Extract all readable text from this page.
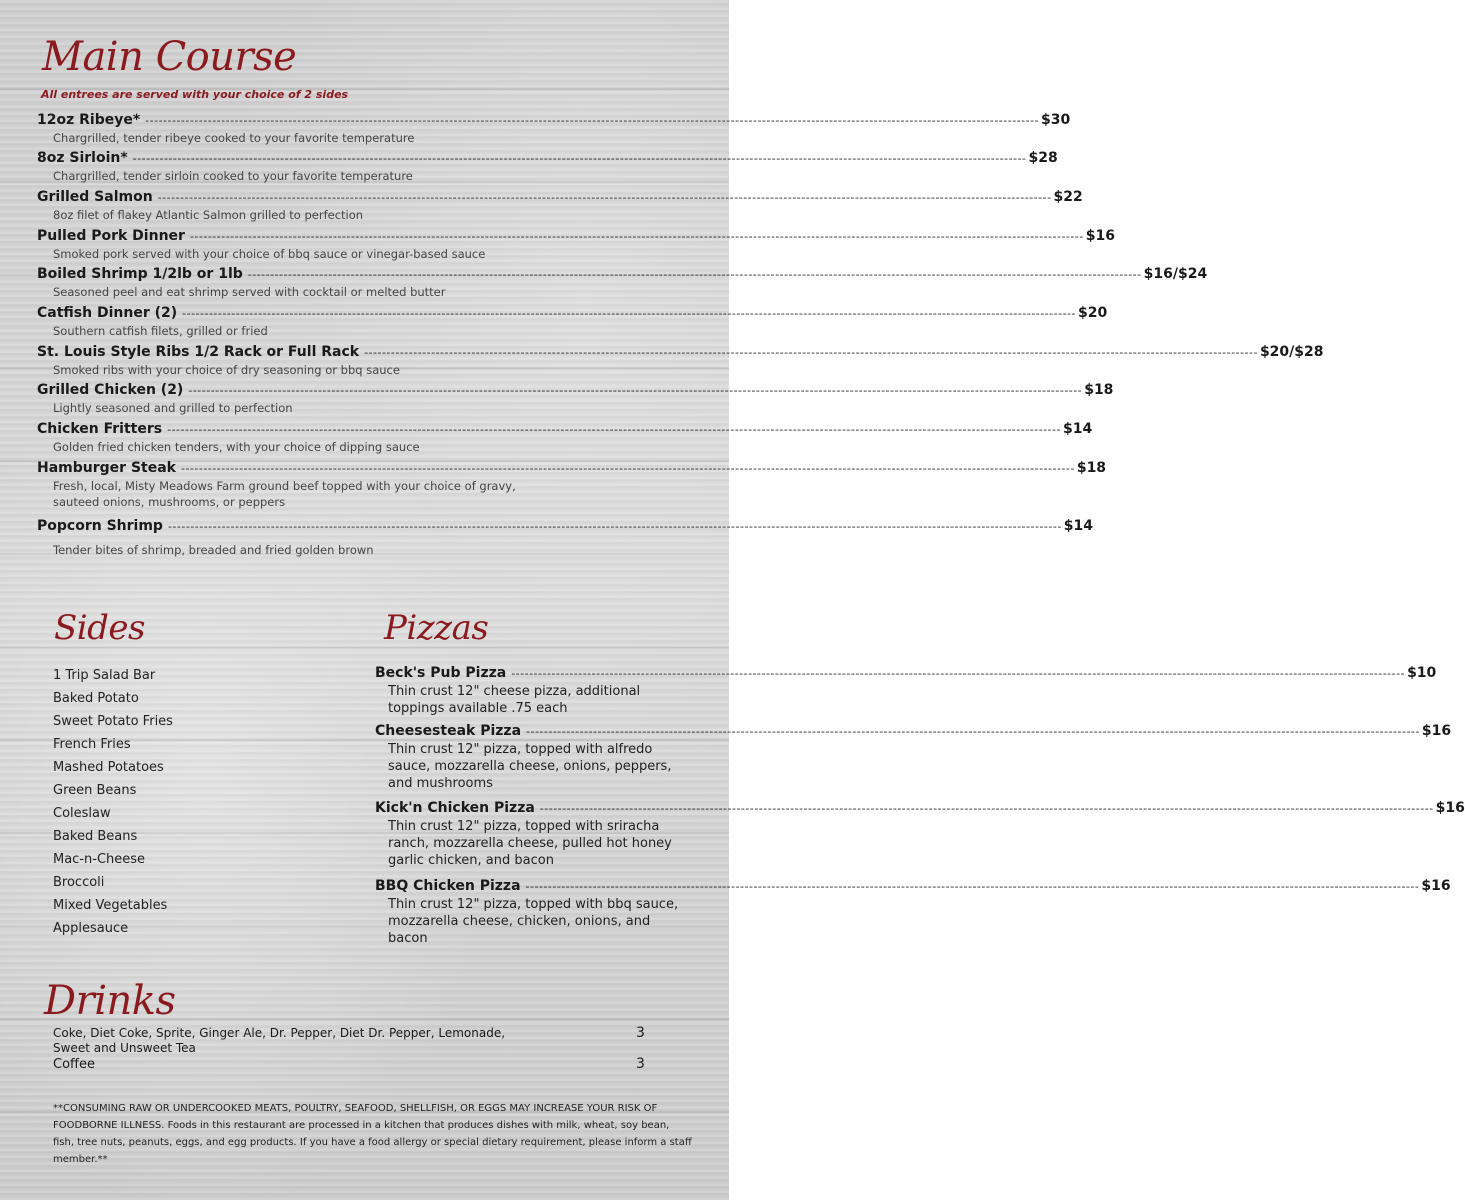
Main Course
All entrees are served with your choice of 2 sides
12oz Ribeye* -------------------------------------------------------------------------------------------------------------------------------------------------------------------------------------------------------- $30
Chargrilled, tender ribeye cooked to your favorite temperature
8oz Sirloin* -------------------------------------------------------------------------------------------------------------------------------------------------------------------------------------------------------- $28
Chargrilled, tender sirloin cooked to your favorite temperature
Grilled Salmon -------------------------------------------------------------------------------------------------------------------------------------------------------------------------------------------------------- $22
8oz filet of flakey Atlantic Salmon grilled to perfection
Pulled Pork Dinner -------------------------------------------------------------------------------------------------------------------------------------------------------------------------------------------------------- $16
Smoked pork served with your choice of bbq sauce or vinegar-based sauce
Boiled Shrimp 1/2lb or 1lb -------------------------------------------------------------------------------------------------------------------------------------------------------------------------------------------------------- $16/$24
Seasoned peel and eat shrimp served with cocktail or melted butter
Catfish Dinner (2) -------------------------------------------------------------------------------------------------------------------------------------------------------------------------------------------------------- $20
Southern catfish filets, grilled or fried
St. Louis Style Ribs 1/2 Rack or Full Rack -------------------------------------------------------------------------------------------------------------------------------------------------------------------------------------------------------- $20/$28
Smoked ribs with your choice of dry seasoning or bbq sauce
Grilled Chicken (2) -------------------------------------------------------------------------------------------------------------------------------------------------------------------------------------------------------- $18
Lightly seasoned and grilled to perfection
Chicken Fritters -------------------------------------------------------------------------------------------------------------------------------------------------------------------------------------------------------- $14
Golden fried chicken tenders, with your choice of dipping sauce
Hamburger Steak -------------------------------------------------------------------------------------------------------------------------------------------------------------------------------------------------------- $18
Fresh, local, Misty Meadows Farm ground beef topped with your choice of gravy, sauteed onions, mushrooms, or peppers
Popcorn Shrimp -------------------------------------------------------------------------------------------------------------------------------------------------------------------------------------------------------- $14
Tender bites of shrimp, breaded and fried golden brown
Sides	Pizzas
1 Trip Salad Bar
Baked Potato
Sweet Potato Fries
French Fries
Mashed Potatoes
Green Beans
Coleslaw
Baked Beans
Mac-n-Cheese
Broccoli
Mixed Vegetables
Applesauce
Beck's Pub Pizza -------------------------------------------------------------------------------------------------------------------------------------------------------------------------------------------------------- $10
Thin crust 12" cheese pizza, additional toppings available .75 each
Cheesesteak Pizza -------------------------------------------------------------------------------------------------------------------------------------------------------------------------------------------------------- $16
Thin crust 12" pizza, topped with alfredo sauce, mozzarella cheese, onions, peppers, and mushrooms
Kick'n Chicken Pizza -------------------------------------------------------------------------------------------------------------------------------------------------------------------------------------------------------- $16
Thin crust 12" pizza, topped with sriracha ranch, mozzarella cheese, pulled hot honey garlic chicken, and bacon
BBQ Chicken Pizza -------------------------------------------------------------------------------------------------------------------------------------------------------------------------------------------------------- $16
Thin crust 12" pizza, topped with bbq sauce, mozzarella cheese, chicken, onions, and bacon
Drinks
Coke, Diet Coke, Sprite, Ginger Ale, Dr. Pepper, Diet Dr. Pepper, Lemonade, Sweet and Unsweet Tea
3
Coffee	3
**CONSUMING RAW OR UNDERCOOKED MEATS, POULTRY, SEAFOOD, SHELLFISH, OR EGGS MAY INCREASE YOUR RISK OF FOODBORNE ILLNESS. Foods in this restaurant are processed in a kitchen that produces dishes with milk, wheat, soy bean, fish, tree nuts, peanuts, eggs, and egg products. If you have a food allergy or special dietary requirement, please inform a staff member.**
